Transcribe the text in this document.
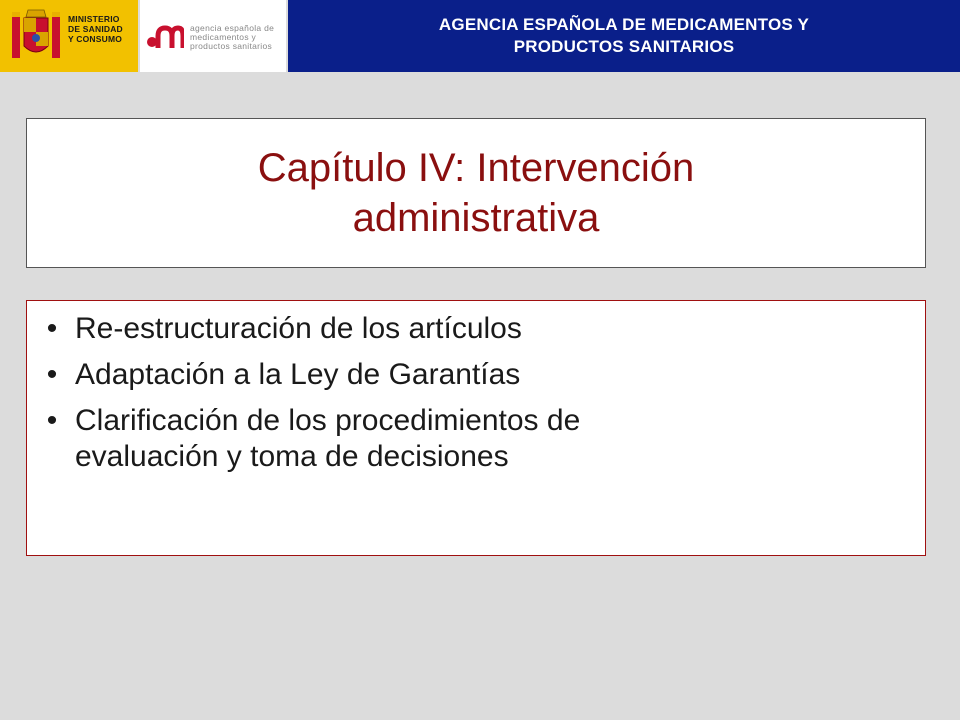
MINISTERIO
DE SANIDAD
Y CONSUMO
agencia española de
medicamentos y
productos sanitarios
AGENCIA ESPAÑOLA DE MEDICAMENTOS Y
PRODUCTOS SANITARIOS
Capítulo IV: Intervención
administrativa
• Re-estructuración de los artículos
• Adaptación a la Ley de Garantías
• Clarificación de los procedimientos de
evaluación y toma de decisiones
